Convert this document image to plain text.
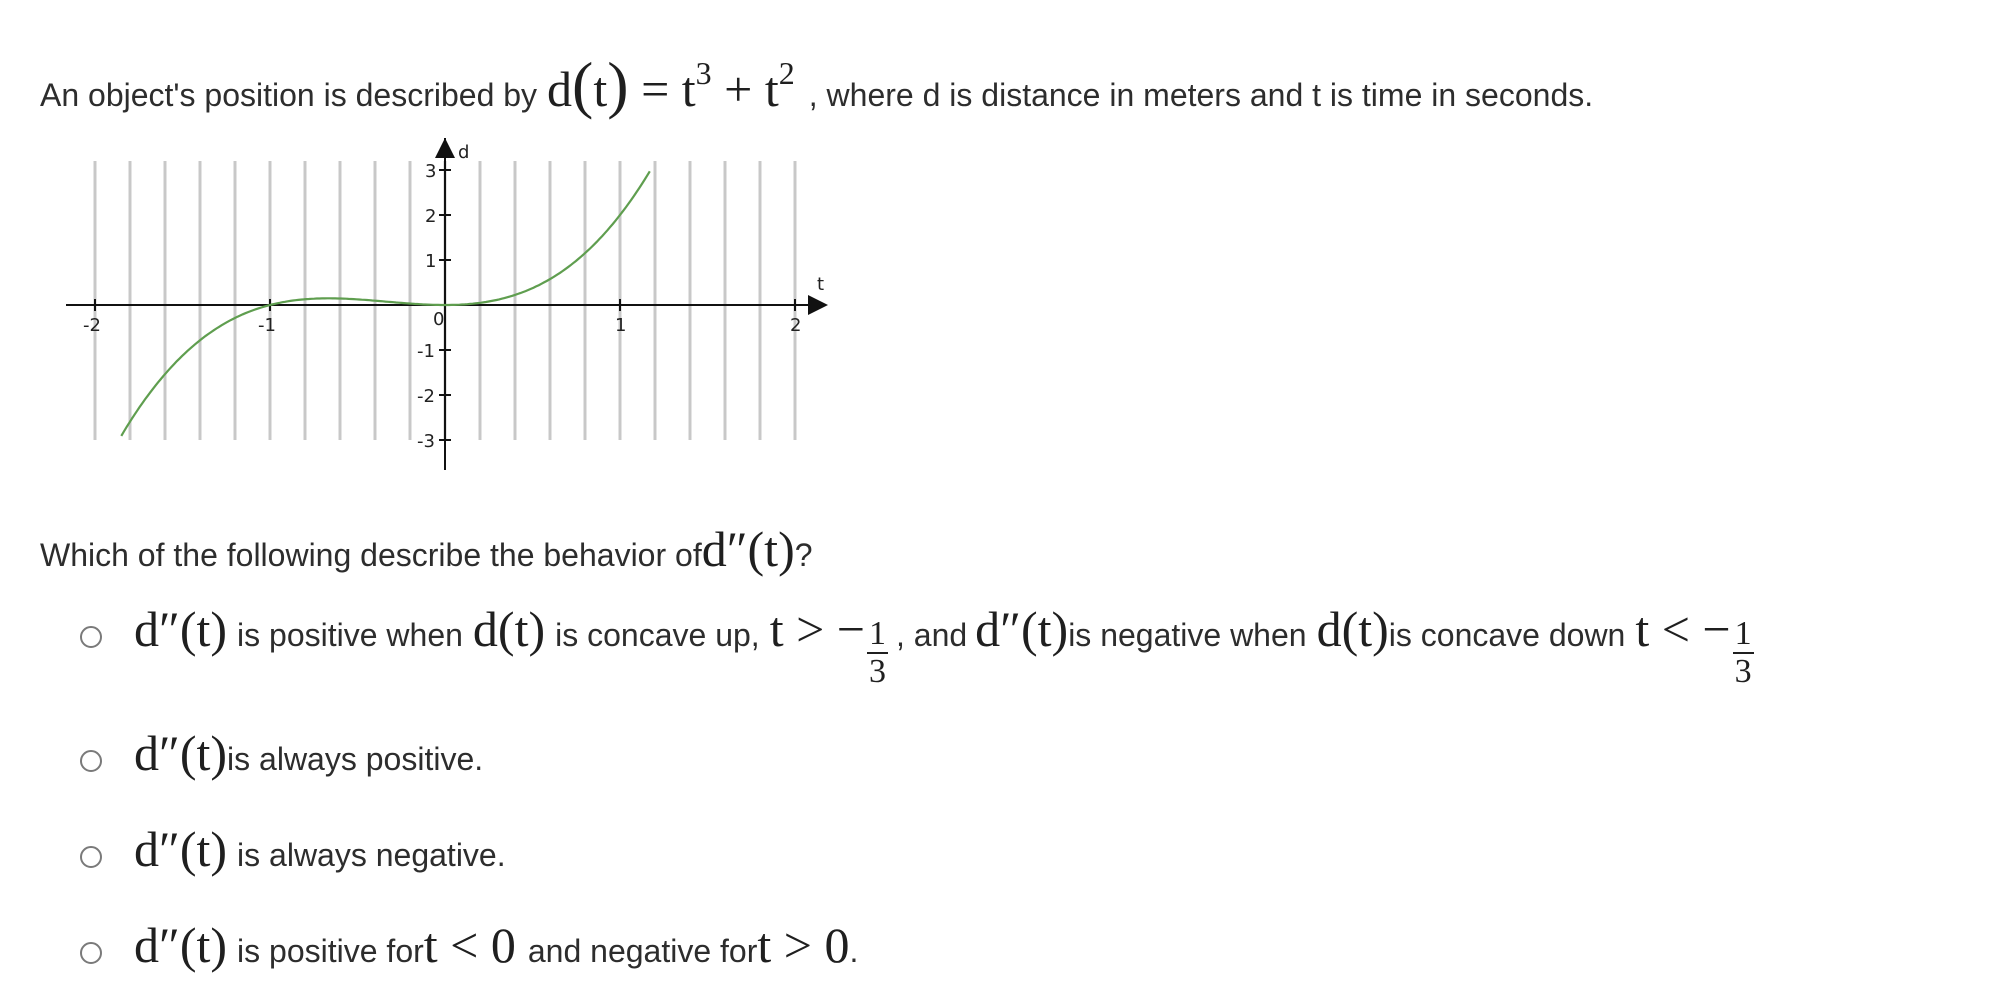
An object's position is described by $d(t) = t^3 + t^2$
, where d is distance in meters and t is time in seconds.
t
d
0
-2	-1	1	2
-3
-2
-1
1
2
3
Which of the following describe the behavior of d″(t) ?
d″(t) is positive when d(t) is concave up, t > − $\frac{1}{3}$ , and d″(t) is negative when d(t) is concave down t < − $\frac{1}{3}$
d″(t) is always positive.
d″(t) is always negative.
d″(t) is positive for t < 0 and negative for t > 0 .
